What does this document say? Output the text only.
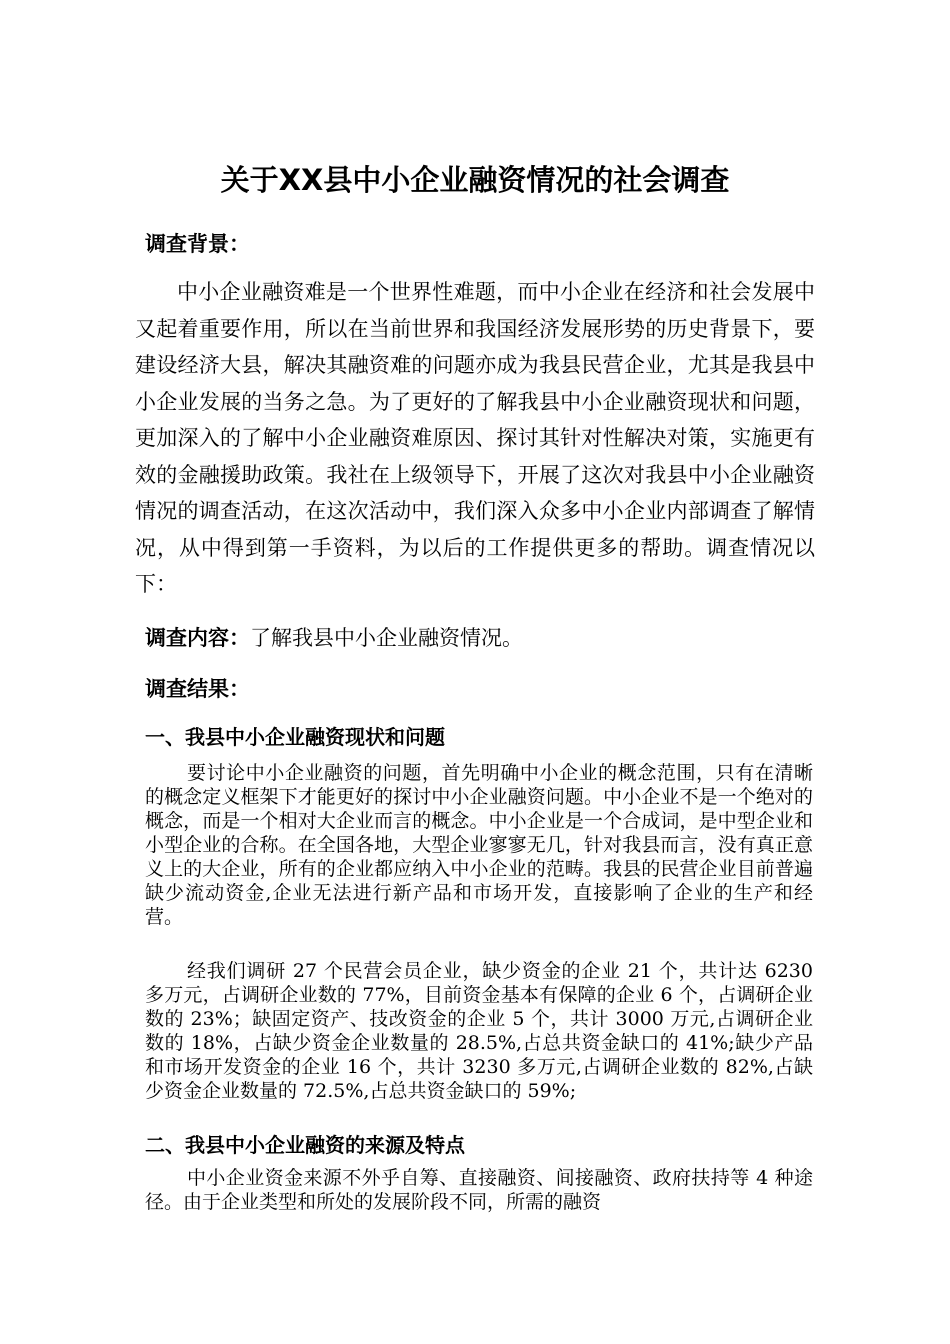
关于XX县中小企业融资情况的社会调查
调查背景：

中小企业融资难是一个世界性难题，而中小企业在经济和社会发展中又起着重要作用，所以在当前世界和我国经济发展形势的历史背景下，要建设经济大县，解决其融资难的问题亦成为我县民营企业，尤其是我县中小企业发展的当务之急。为了更好的了解我县中小企业融资现状和问题，更加深入的了解中小企业融资难原因、探讨其针对性解决对策，实施更有效的金融援助政策。我社在上级领导下，开展了这次对我县中小企业融资情况的调查活动，在这次活动中，我们深入众多中小企业内部调查了解情况，从中得到第一手资料，为以后的工作提供更多的帮助。调查情况以下：

调查内容：了解我县中小企业融资情况。
调查结果：
一、我县中小企业融资现状和问题

要讨论中小企业融资的问题，首先明确中小企业的概念范围，只有在清晰的概念定义框架下才能更好的探讨中小企业融资问题。中小企业不是一个绝对的概念，而是一个相对大企业而言的概念。中小企业是一个合成词，是中型企业和小型企业的合称。在全国各地，大型企业寥寥无几，针对我县而言，没有真正意义上的大企业，所有的企业都应纳入中小企业的范畴。我县的民营企业目前普遍缺少流动资金,企业无法进行新产品和市场开发，直接影响了企业的生产和经营。

经我们调研 27 个民营会员企业，缺少资金的企业 21 个，共计达 6230 多万元，占调研企业数的 77%，目前资金基本有保障的企业 6 个，占调研企业数的 23%；缺固定资产、技改资金的企业 5 个，共计 3000 万元,占调研企业数的 18%，占缺少资金企业数量的 28.5%,占总共资金缺口的 41%;缺少产品和市场开发资金的企业 16 个，共计 3230 多万元,占调研企业数的 82%,占缺少资金企业数量的 72.5%,占总共资金缺口的 59%;

二、我县中小企业融资的来源及特点

中小企业资金来源不外乎自筹、直接融资、间接融资、政府扶持等 4 种途径。由于企业类型和所处的发展阶段不同，所需的融资
